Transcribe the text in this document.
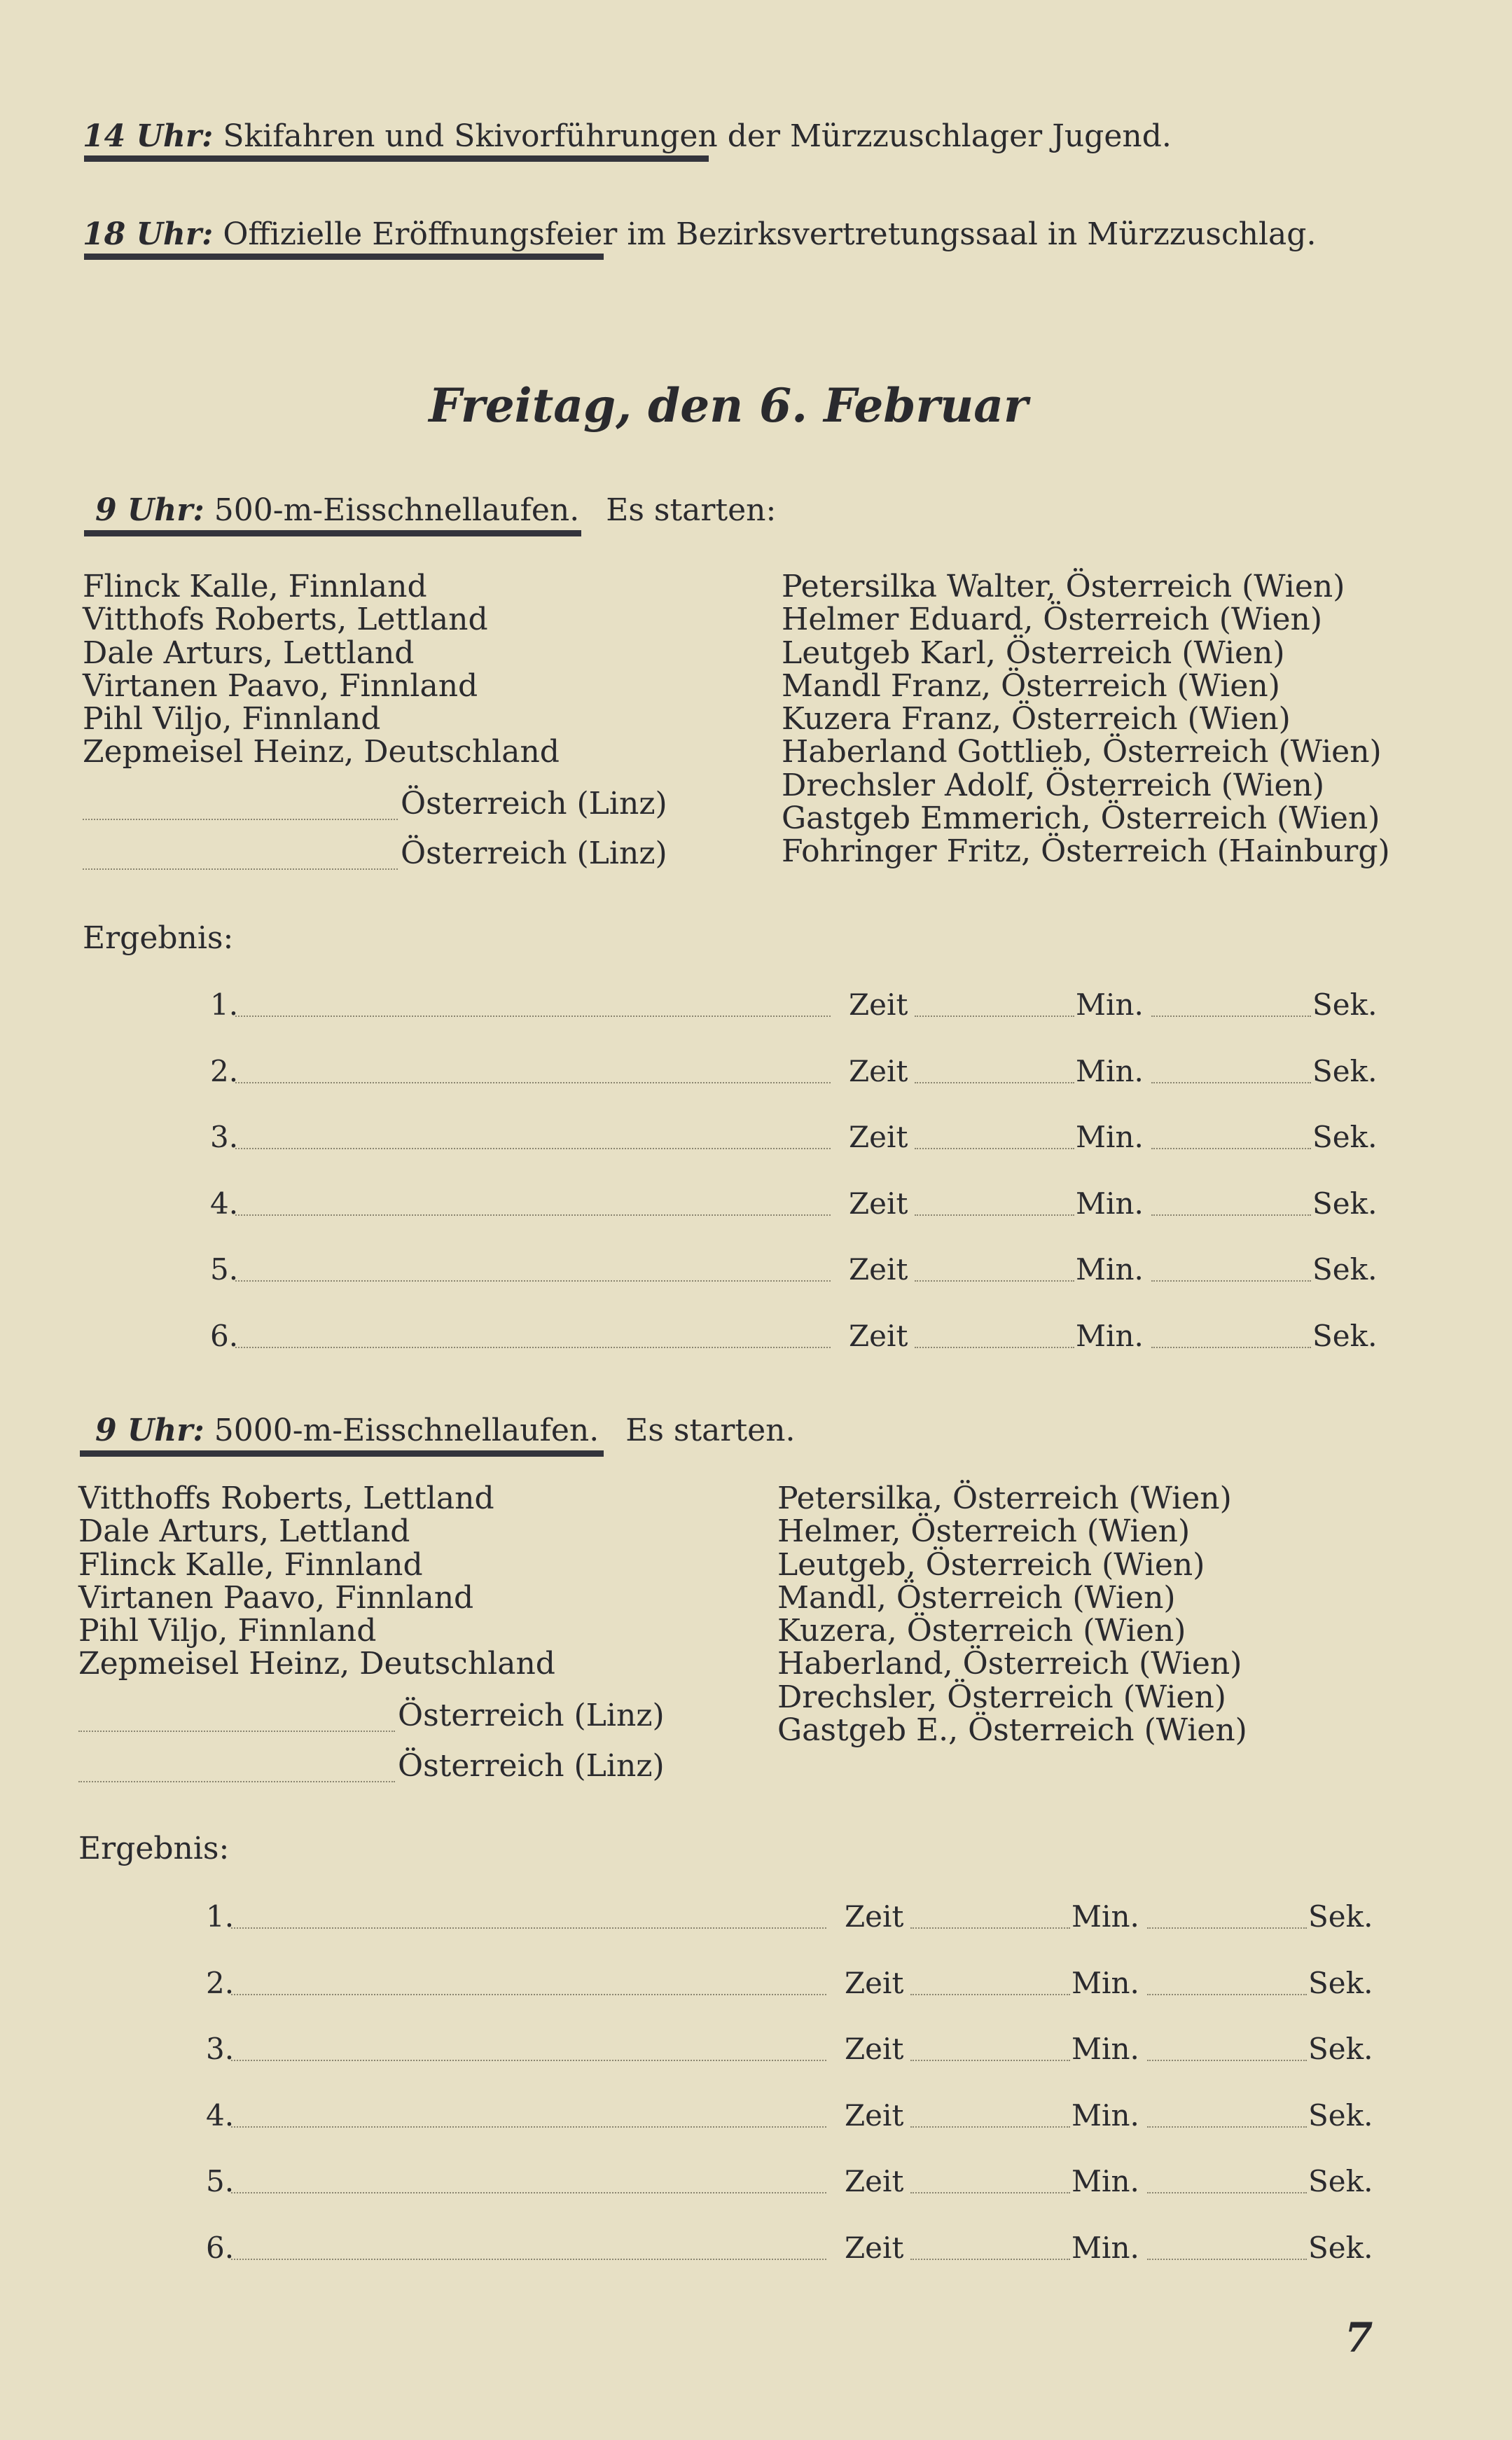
14 Uhr: Skifahren und Skivorführungen der Mürzzuschlager Jugend.
18 Uhr: Offizielle Eröffnungsfeier im Bezirksvertretungssaal in Mürzzuschlag.
Freitag, den 6. Februar
9 Uhr: 500-m-Eisschnellaufen. Es starten:
Flinck Kalle, Finnland
Vitthofs Roberts, Lettland
Dale Arturs, Lettland
Virtanen Paavo, Finnland
Pihl Viljo, Finnland
Zepmeisel Heinz, Deutschland
Österreich (Linz)
Österreich (Linz)
Petersilka Walter, Österreich (Wien)
Helmer Eduard, Österreich (Wien)
Leutgeb Karl, Österreich (Wien)
Mandl Franz, Österreich (Wien)
Kuzera Franz, Österreich (Wien)
Haberland Gottlieb, Österreich (Wien)
Drechsler Adolf, Österreich (Wien)
Gastgeb Emmerich, Österreich (Wien)
Fohringer Fritz, Österreich (Hainburg)
Ergebnis:
9 Uhr: 5000-m-Eisschnellaufen. Es starten.
Vitthoffs Roberts, Lettland
Dale Arturs, Lettland
Flinck Kalle, Finnland
Virtanen Paavo, Finnland
Pihl Viljo, Finnland
Zepmeisel Heinz, Deutschland
Österreich (Linz)
Österreich (Linz)
Petersilka, Österreich (Wien)
Helmer, Österreich (Wien)
Leutgeb, Österreich (Wien)
Mandl, Österreich (Wien)
Kuzera, Österreich (Wien)
Haberland, Österreich (Wien)
Drechsler, Österreich (Wien)
Gastgeb E., Österreich (Wien)
Ergebnis:
7
1.	Zeit	Min.	Sek.
2.	Zeit	Min.	Sek.
3.	Zeit	Min.	Sek.
4.	Zeit	Min.	Sek.
5.	Zeit	Min.	Sek.
6.	Zeit	Min.	Sek.
1.	Zeit	Min.	Sek.
2.	Zeit	Min.	Sek.
3.	Zeit	Min.	Sek.
4.	Zeit	Min.	Sek.
5.	Zeit	Min.	Sek.
6.	Zeit	Min.	Sek.
